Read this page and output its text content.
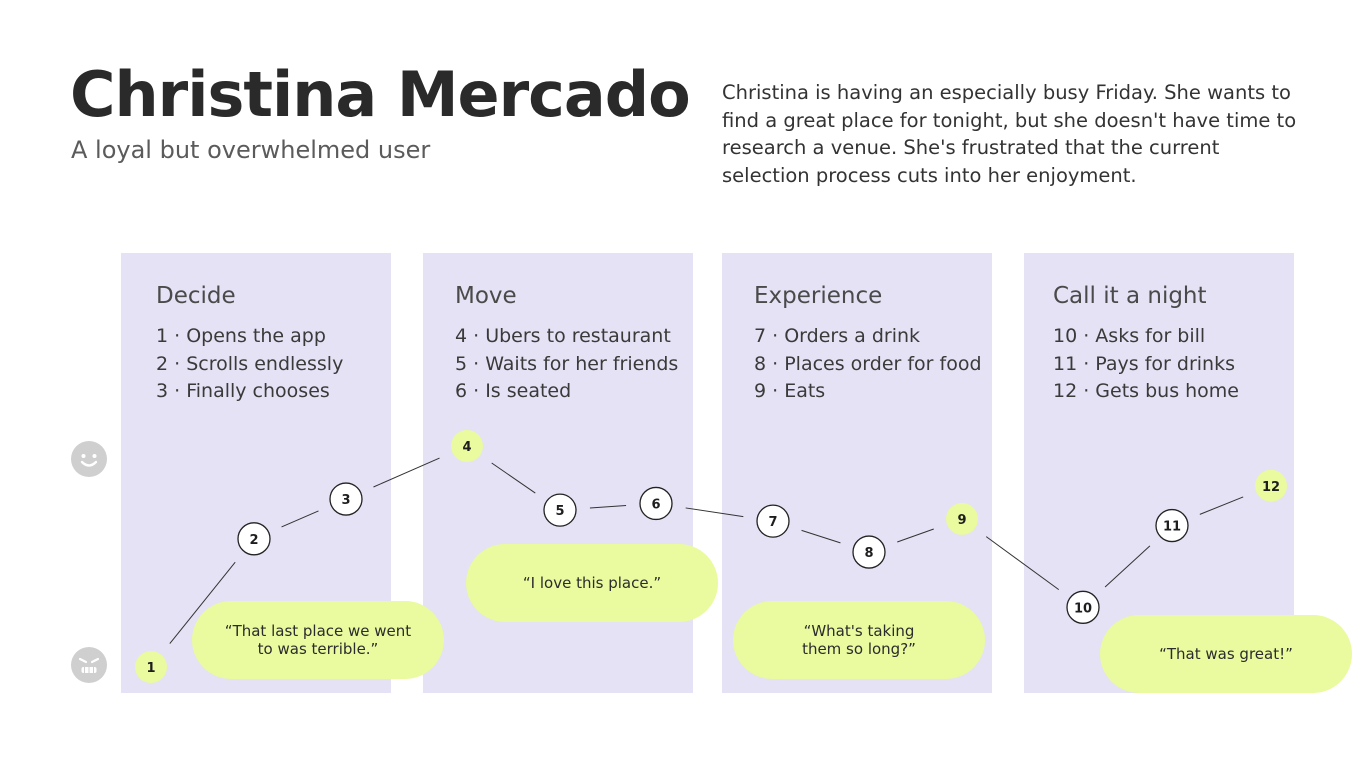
Christina Mercado
A loyal but overwhelmed user
Christina is having an especially busy Friday. She wants to find a great place for tonight, but she doesn't have time to research a venue. She's frustrated that the current selection process cuts into her enjoyment.
Decide
1 · Opens the app
2 · Scrolls endlessly
3 · Finally chooses
Move
4 · Ubers to restaurant
5 · Waits for her friends
6 · Is seated
Experience
7 · Orders a drink
8 · Places order for food
9 · Eats
Call it a night
10 · Asks for bill
11 · Pays for drinks
12 · Gets bus home
“That last place we went to was terrible.”
“I love this place.”
“What's taking them so long?”	“That was great!”
1
2
3
4
5	6
7
8
9
10
11
12
